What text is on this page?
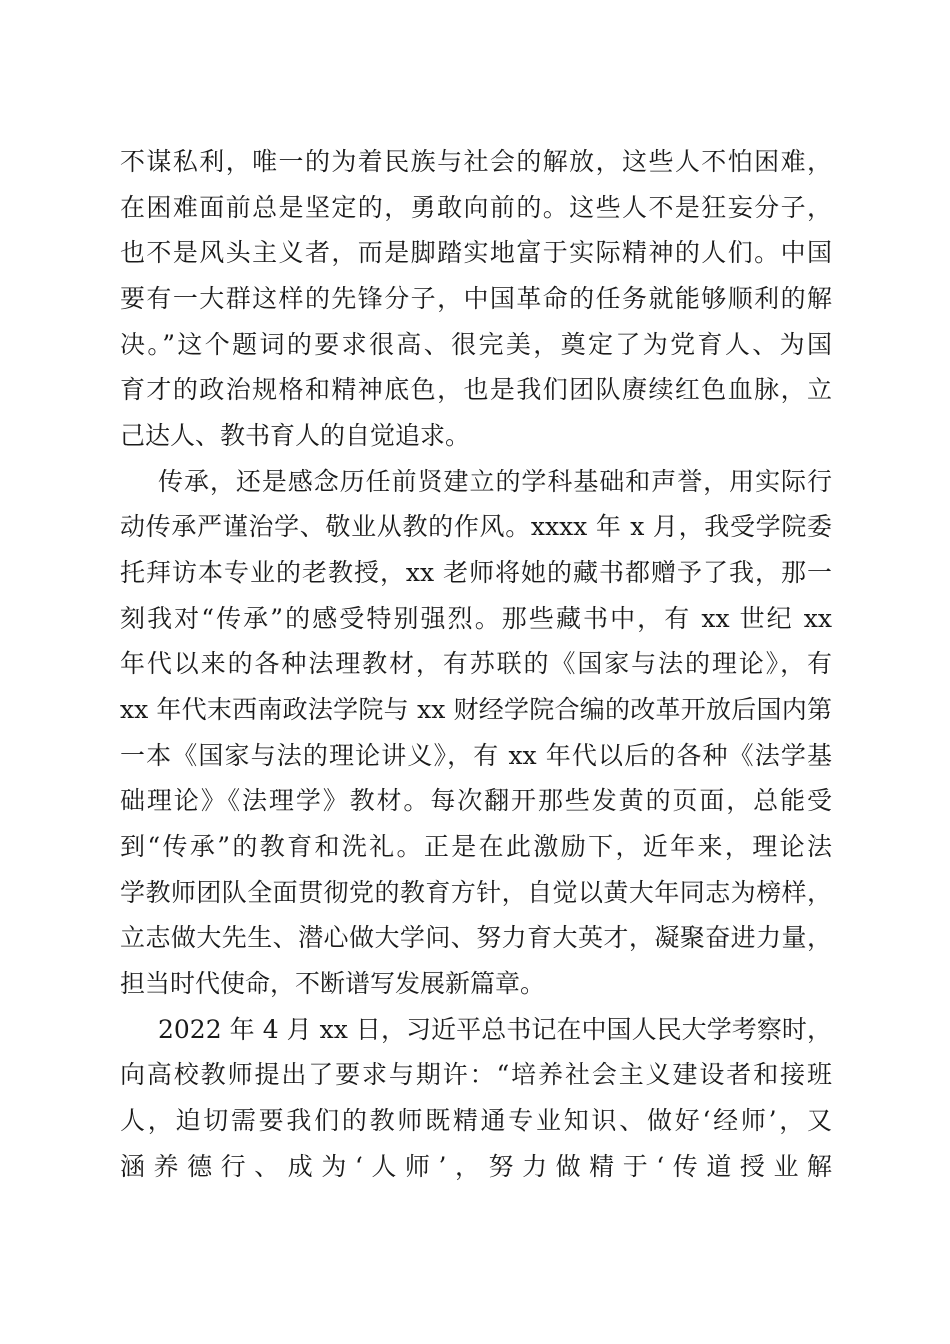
不谋私利，唯一的为着民族与社会的解放，这些人不怕困难，
在困难面前总是坚定的，勇敢向前的。这些人不是狂妄分子，
也不是风头主义者，而是脚踏实地富于实际精神的人们。中国
要有一大群这样的先锋分子，中国革命的任务就能够顺利的解
决。”这个题词的要求很高、很完美，奠定了为党育人、为国
育才的政治规格和精神底色，也是我们团队赓续红色血脉，立
己达人、教书育人的自觉追求。
传承，还是感念历任前贤建立的学科基础和声誉，用实际行
动传承严谨治学、敬业从教的作风。xxxx 年 x 月，我受学院委
托拜访本专业的老教授，xx 老师将她的藏书都赠予了我，那一
刻我对“传承”的感受特别强烈。那些藏书中，有 xx 世纪 xx
年代以来的各种法理教材，有苏联的《国家与法的理论》，有
xx 年代末西南政法学院与 xx 财经学院合编的改革开放后国内第
一本《国家与法的理论讲义》，有 xx 年代以后的各种《法学基
础理论》《法理学》教材。每次翻开那些发黄的页面，总能受
到“传承”的教育和洗礼。正是在此激励下，近年来，理论法
学教师团队全面贯彻党的教育方针，自觉以黄大年同志为榜样，
立志做大先生、潜心做大学问、努力育大英才，凝聚奋进力量，
担当时代使命，不断谱写发展新篇章。
2022 年 4 月 xx 日，习近平总书记在中国人民大学考察时，
向高校教师提出了要求与期许：“培养社会主义建设者和接班
人，迫切需要我们的教师既精通专业知识、做好‘经师’，又
涵养德行、成为‘人师’，努力做精于‘传道授业解
